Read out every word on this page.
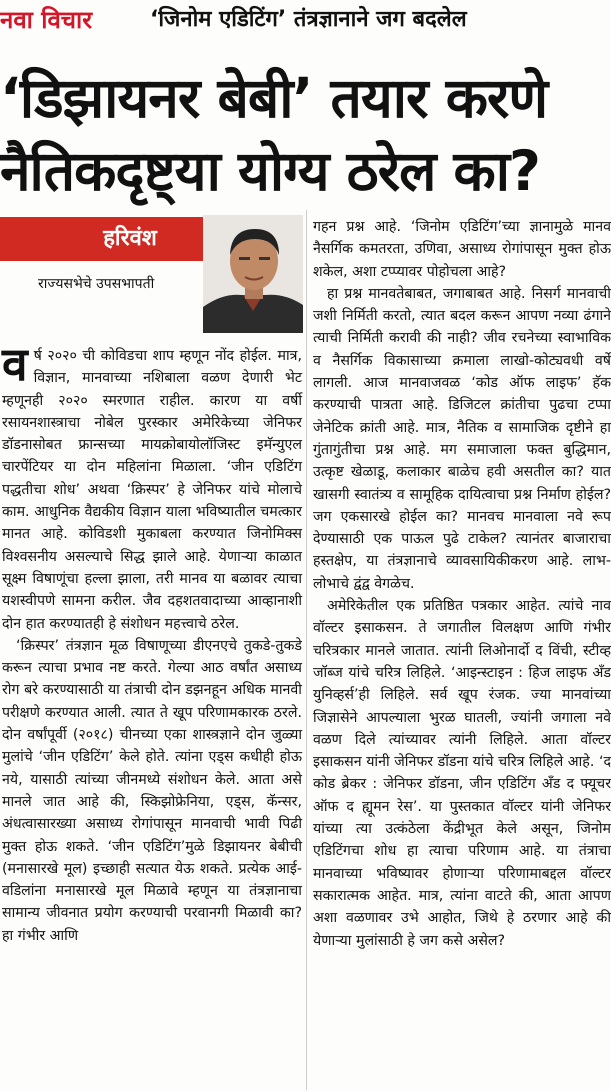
नवा विचार	‘जिनोम एडिटिंग’ तंत्रज्ञानाने जग बदलेल
‘डिझायनर बेबी’ तयार करणे
नैतिकदृष्ट्या योग्य ठरेल का?
हरिवंश
राज्यसभेचे उपसभापती

वर्ष २०२० ची कोविडचा शाप म्हणून नोंद होईल. मात्र, विज्ञान, मानवाच्या नशिबाला वळण देणारी भेट म्हणूनही २०२० स्मरणात राहील. कारण या वर्षी रसायनशास्त्राचा नोबेल पुरस्कार अमेरिकेच्या जेनिफर डॉडनासोबत फ्रान्सच्या मायक्रोबायोलॉजिस्ट इमॅन्युएल चारपेंटियर या दोन महिलांना मिळाला. ‘जीन एडिटिंग पद्धतीचा शोध’ अथवा ‘क्रिस्पर’ हे जेनिफर यांचे मोलाचे काम. आधुनिक वैद्यकीय विज्ञान याला भविष्यातील चमत्कार मानत आहे. कोविडशी मुकाबला करण्यात जिनोमिक्स विश्वसनीय असल्याचे सिद्ध झाले आहे. येणाऱ्या काळात सूक्ष्म विषाणूंचा हल्ला झाला, तरी मानव या बळावर त्याचा यशस्वीपणे सामना करील. जैव दहशतवादाच्या आव्हानाशी दोन हात करण्यातही हे संशोधन महत्त्वाचे ठरेल.

‘क्रिस्पर’ तंत्रज्ञान मूळ विषाणूच्या डीएनएचे तुकडे-तुकडे करून त्याचा प्रभाव नष्ट करते. गेल्या आठ वर्षांत असाध्य रोग बरे करण्यासाठी या तंत्राची दोन डझनहून अधिक मानवी परीक्षणे करण्यात आली. त्यात ते खूप परिणामकारक ठरले. दोन वर्षांपूर्वी (२०१८) चीनच्या एका शास्त्रज्ञाने दोन जुळ्या मुलांचे ‘जीन एडिटिंग’ केले होते. त्यांना एड्स कधीही होऊ नये, यासाठी त्यांच्या जीनमध्ये संशोधन केले. आता असे मानले जात आहे की, स्किझोफ्रेनिया, एड्स, कॅन्सर, अंधत्वासारख्या असाध्य रोगांपासून मानवाची भावी पिढी मुक्त होऊ शकते. ‘जीन एडिटिंग’मुळे डिझायनर बेबीची (मनासारखे मूल) इच्छाही सत्यात येऊ शकते. प्रत्येक आई-वडिलांना मनासारखे मूल मिळावे म्हणून या तंत्रज्ञानाचा सामान्य जीवनात प्रयोग करण्याची परवानगी मिळावी का? हा गंभीर आणि

गहन प्रश्न आहे. ‘जिनोम एडिटिंग’च्या ज्ञानामुळे मानव नैसर्गिक कमतरता, उणिवा, असाध्य रोगांपासून मुक्त होऊ शकेल, अशा टप्प्यावर पोहोचला आहे?

हा प्रश्न मानवतेबाबत, जगाबाबत आहे. निसर्ग मानवाची जशी निर्मिती करतो, त्यात बदल करून आपण नव्या ढंगाने त्याची निर्मिती करावी की नाही? जीव रचनेच्या स्वाभाविक व नैसर्गिक विकासाच्या क्रमाला लाखो-कोट्यवधी वर्षे लागली. आज मानवाजवळ ‘कोड ऑफ लाइफ’ हॅक करण्याची पात्रता आहे. डिजिटल क्रांतीचा पुढचा टप्पा जेनेटिक क्रांती आहे. मात्र, नैतिक व सामाजिक दृष्टीने हा गुंतागुंतीचा प्रश्न आहे. मग समाजाला फक्त बुद्धिमान, उत्कृष्ट खेळाडू, कलाकार बाळेच हवी असतील का? यात खासगी स्वातंत्र्य व सामूहिक दायित्वाचा प्रश्न निर्माण होईल? जग एकसारखे होईल का? मानवच मानवाला नवे रूप देण्यासाठी एक पाऊल पुढे टाकेल? त्यानंतर बाजाराचा हस्तक्षेप, या तंत्रज्ञानाचे व्यावसायिकीकरण आहे. लाभ-लोभाचे द्वंद्व वेगळेच.

अमेरिकेतील एक प्रतिष्ठित पत्रकार आहेत. त्यांचे नाव वॉल्टर इसाकसन. ते जगातील विलक्षण आणि गंभीर चरित्रकार मानले जातात. त्यांनी लिओनार्दो द विंची, स्टीव्ह जॉब्ज यांचे चरित्र लिहिले. ‘आइन्स्टाइन : हिज लाइफ अँड युनिव्हर्स’ही लिहिले. सर्व खूप रंजक. ज्या मानवांच्या जिज्ञासेने आपल्याला भुरळ घातली, ज्यांनी जगाला नवे वळण दिले त्यांच्यावर त्यांनी लिहिले. आता वॉल्टर इसाकसन यांनी जेनिफर डॉडना यांचे चरित्र लिहिले आहे. ‘द कोड ब्रेकर : जेनिफर डॉडना, जीन एडिटिंग अँड द फ्यूचर ऑफ द ह्यूमन रेस’. या पुस्तकात वॉल्टर यांनी जेनिफर यांच्या त्या उत्कंठेला केंद्रीभूत केले असून, जिनोम एडिटिंगचा शोध हा त्याचा परिणाम आहे. या तंत्राचा मानवाच्या भविष्यावर होणाऱ्या परिणामाबद्दल वॉल्टर सकारात्मक आहेत. मात्र, त्यांना वाटते की, आता आपण अशा वळणावर उभे आहोत, जिथे हे ठरणार आहे की येणाऱ्या मुलांसाठी हे जग कसे असेल?
